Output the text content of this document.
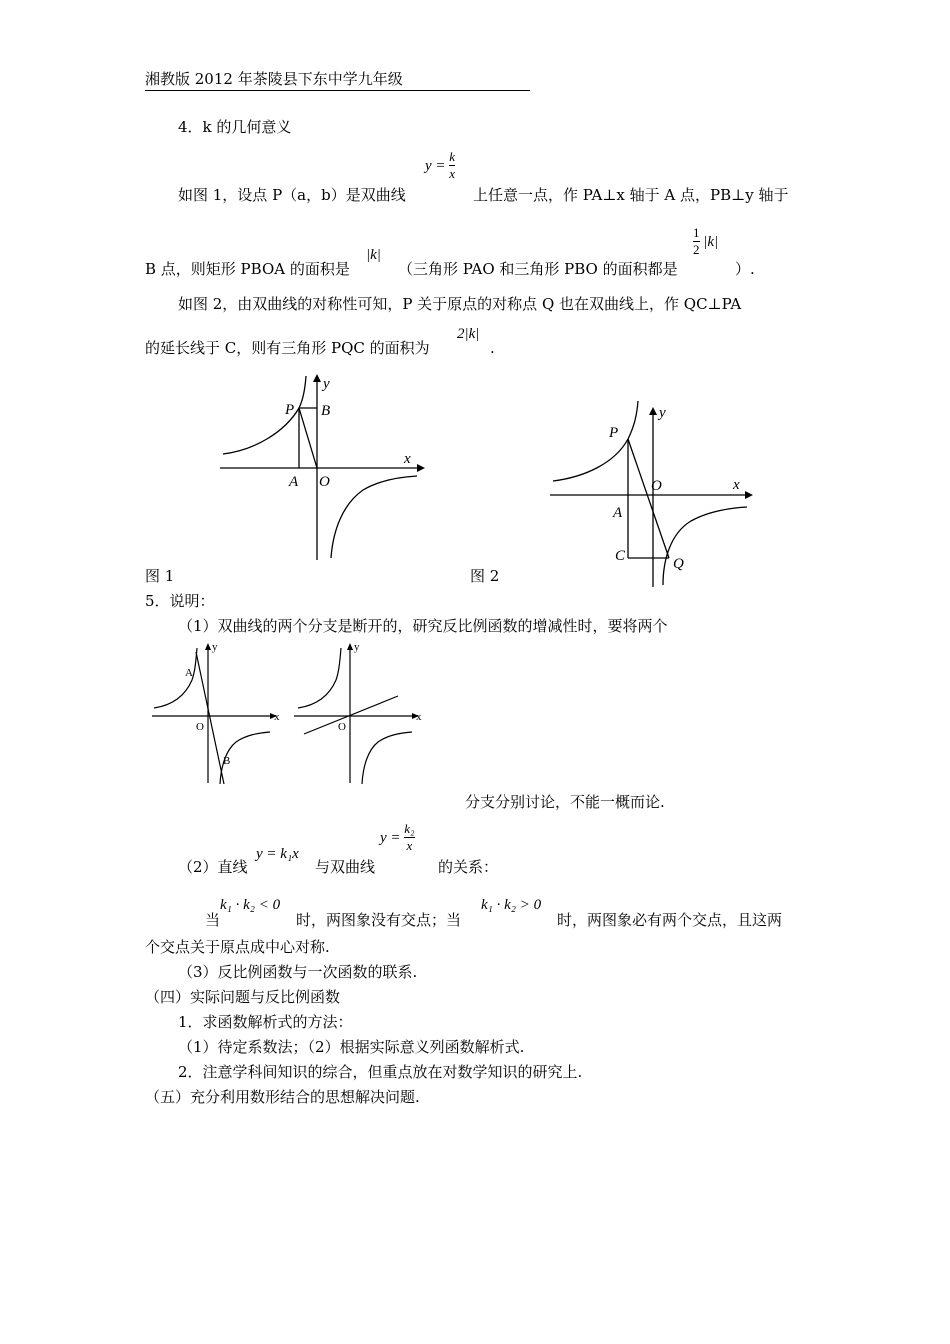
湘教版 2012 年茶陵县下东中学九年级
4．k 的几何意义
$y = \frac{k}{x}$
如图 1，设点 P（a，b）是双曲线	上任意一点，作 PA⊥x 轴于 A 点，PB⊥y 轴于
B 点，则矩形 PBOA 的面积是
|k|
（三角形 PAO 和三角形 PBO 的面积都是
$\frac{1}{2} |k|$
）.
如图 2，由双曲线的对称性可知，P 关于原点的对称点 Q 也在双曲线上，作 QC⊥PA
的延长线于 C，则有三角形 PQC 的面积为
2|k|
.
P B
A O
x
y
图 1
P
O
A
C	Q
x
y
图 2
5．说明：
（1）双曲线的两个分支是断开的，研究反比例函数的增减性时，要将两个
A
B
O
x
y
O
x
y
分支分别讨论，不能一概而论.
（2）直线
y = k₁x
与双曲线
$y = \frac{\text{k₂}}{x}$
的关系：
当
k₁ · k₂ < 0
时，两图象没有交点；当
k₁ · k₂ > 0
时，两图象必有两个交点，且这两
个交点关于原点成中心对称.
（3）反比例函数与一次函数的联系.
（四）实际问题与反比例函数
1．求函数解析式的方法：
（1）待定系数法；（2）根据实际意义列函数解析式.
2．注意学科间知识的综合，但重点放在对数学知识的研究上.
（五）充分利用数形结合的思想解决问题.
